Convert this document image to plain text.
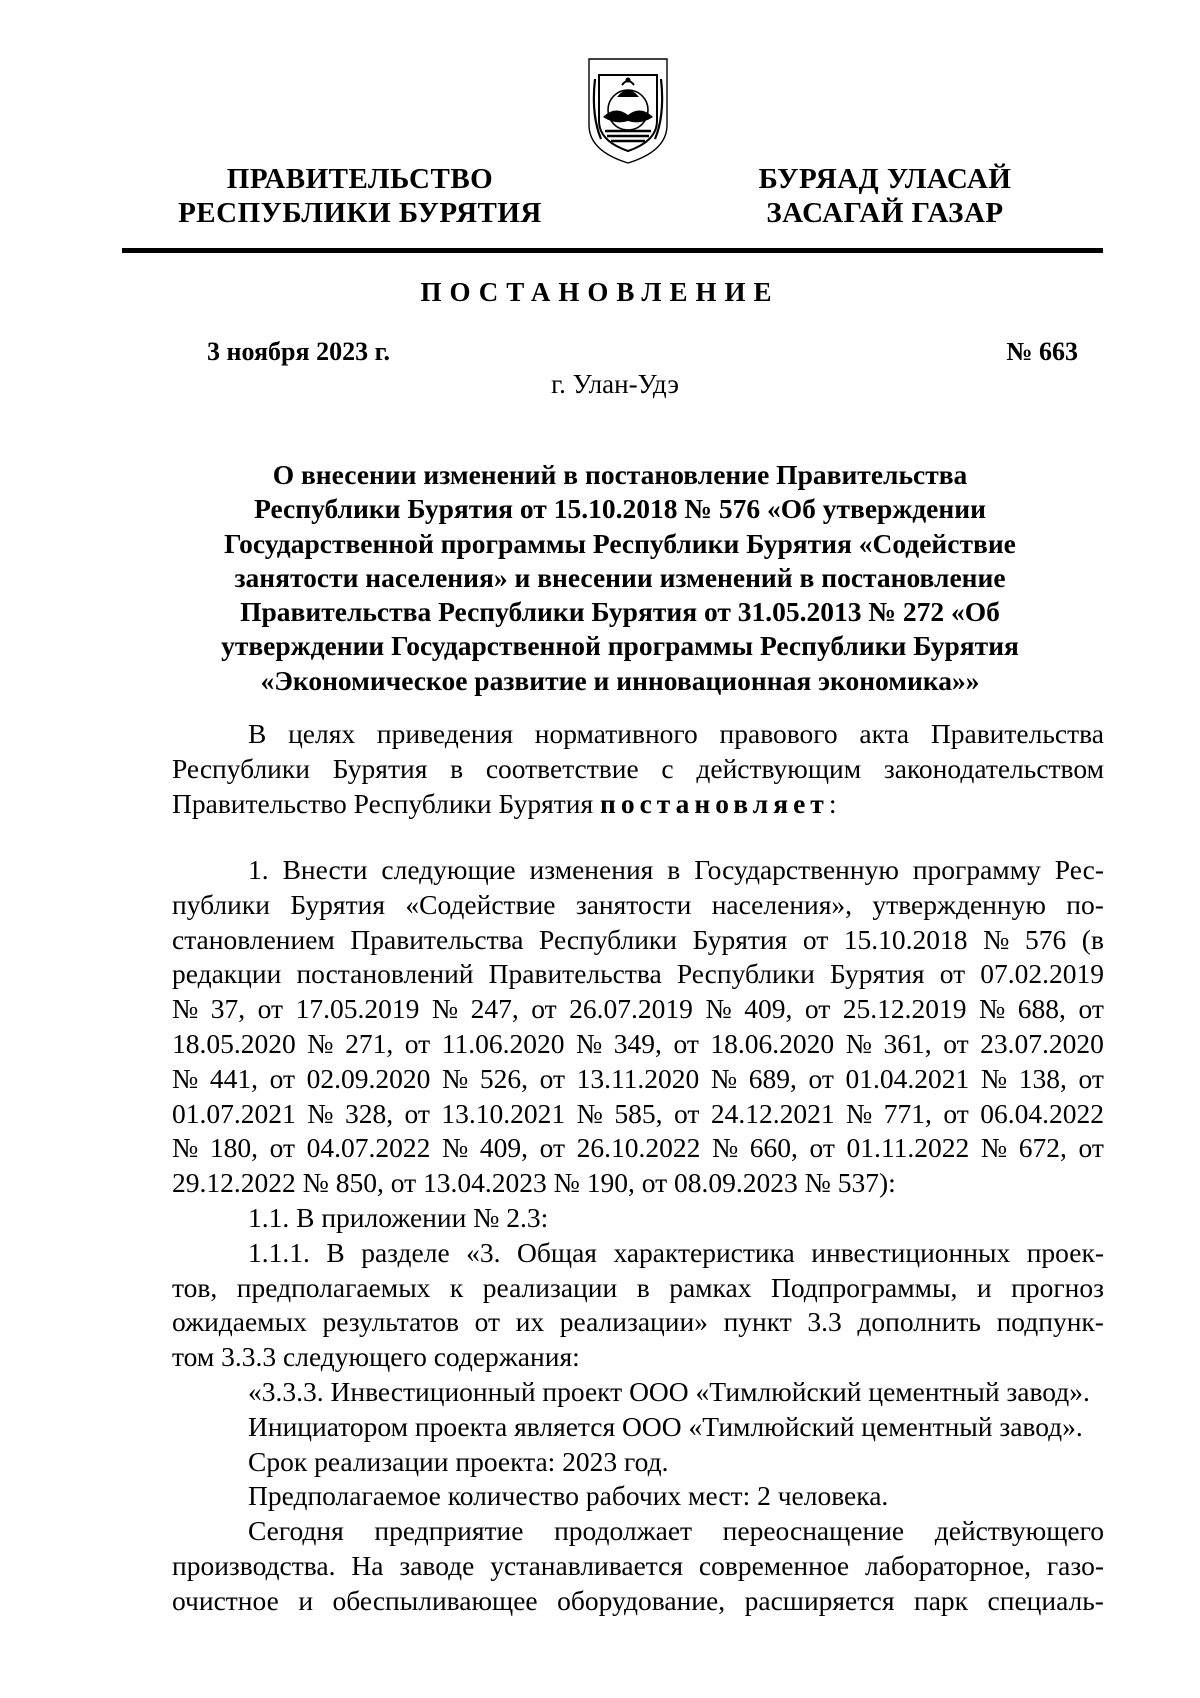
ПРАВИТЕЛЬСТВО
РЕСПУБЛИКИ БУРЯТИЯ
БУРЯАД УЛАСАЙ
ЗАСАГАЙ ГАЗАР
ПОСТАНОВЛЕНИЕ
3 ноября 2023 г.	№ 663
г. Улан-Удэ
О внесении изменений в постановление Правительства
Республики Бурятия от 15.10.2018 № 576 «Об утверждении
Государственной программы Республики Бурятия «Содействие
занятости населения» и внесении изменений в постановление
Правительства Республики Бурятия от 31.05.2013 № 272 «Об
утверждении Государственной программы Республики Бурятия
«Экономическое развитие и инновационная экономика»»
В целях приведения нормативного правового акта Правительства
Республики Бурятия в соответствие с действующим законодательством
Правительство Республики Бурятия постановляет:
1. Внести следующие изменения в Государственную программу Рес-
публики Бурятия «Содействие занятости населения», утвержденную по-
становлением Правительства Республики Бурятия от 15.10.2018 № 576 (в
редакции постановлений Правительства Республики Бурятия от 07.02.2019
№ 37, от 17.05.2019 № 247, от 26.07.2019 № 409, от 25.12.2019 № 688, от
18.05.2020 № 271, от 11.06.2020 № 349, от 18.06.2020 № 361, от 23.07.2020
№ 441, от 02.09.2020 № 526, от 13.11.2020 № 689, от 01.04.2021 № 138, от
01.07.2021 № 328, от 13.10.2021 № 585, от 24.12.2021 № 771, от 06.04.2022
№ 180, от 04.07.2022 № 409, от 26.10.2022 № 660, от 01.11.2022 № 672, от
29.12.2022 № 850, от 13.04.2023 № 190, от 08.09.2023 № 537):
1.1. В приложении № 2.3:
1.1.1. В разделе «3. Общая характеристика инвестиционных проек-
тов, предполагаемых к реализации в рамках Подпрограммы, и прогноз
ожидаемых результатов от их реализации» пункт 3.3 дополнить подпунк-
том 3.3.3 следующего содержания:
«3.3.3. Инвестиционный проект ООО «Тимлюйский цементный завод».
Инициатором проекта является ООО «Тимлюйский цементный завод».
Срок реализации проекта: 2023 год.
Предполагаемое количество рабочих мест: 2 человека.
Сегодня предприятие продолжает переоснащение действующего
производства. На заводе устанавливается современное лабораторное, газо-
очистное и обеспыливающее оборудование, расширяется парк специаль-
